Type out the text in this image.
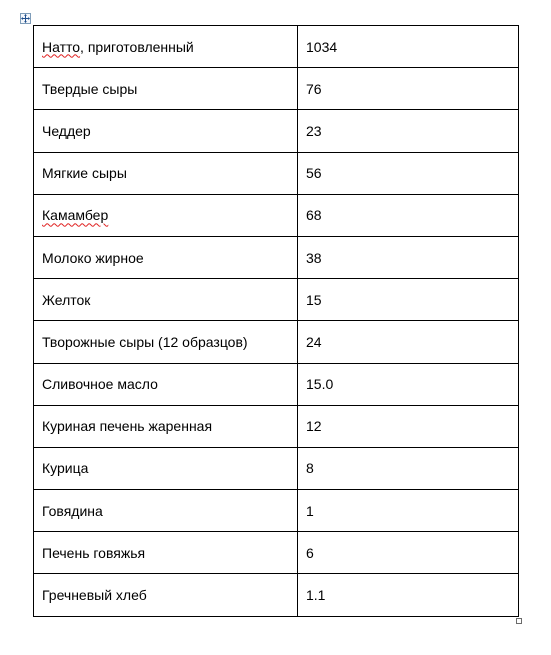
Натто, приготовленный	1034
Твердые сыры	76
Чеддер	23
Мягкие сыры	56
Камамбер	68
Молоко жирное	38
Желток	15
Творожные сыры (12 образцов)	24
Сливочное масло	15.0
Куриная печень жаренная	12
Курица	8
Говядина	1
Печень говяжья	6
Гречневый хлеб	1.1
